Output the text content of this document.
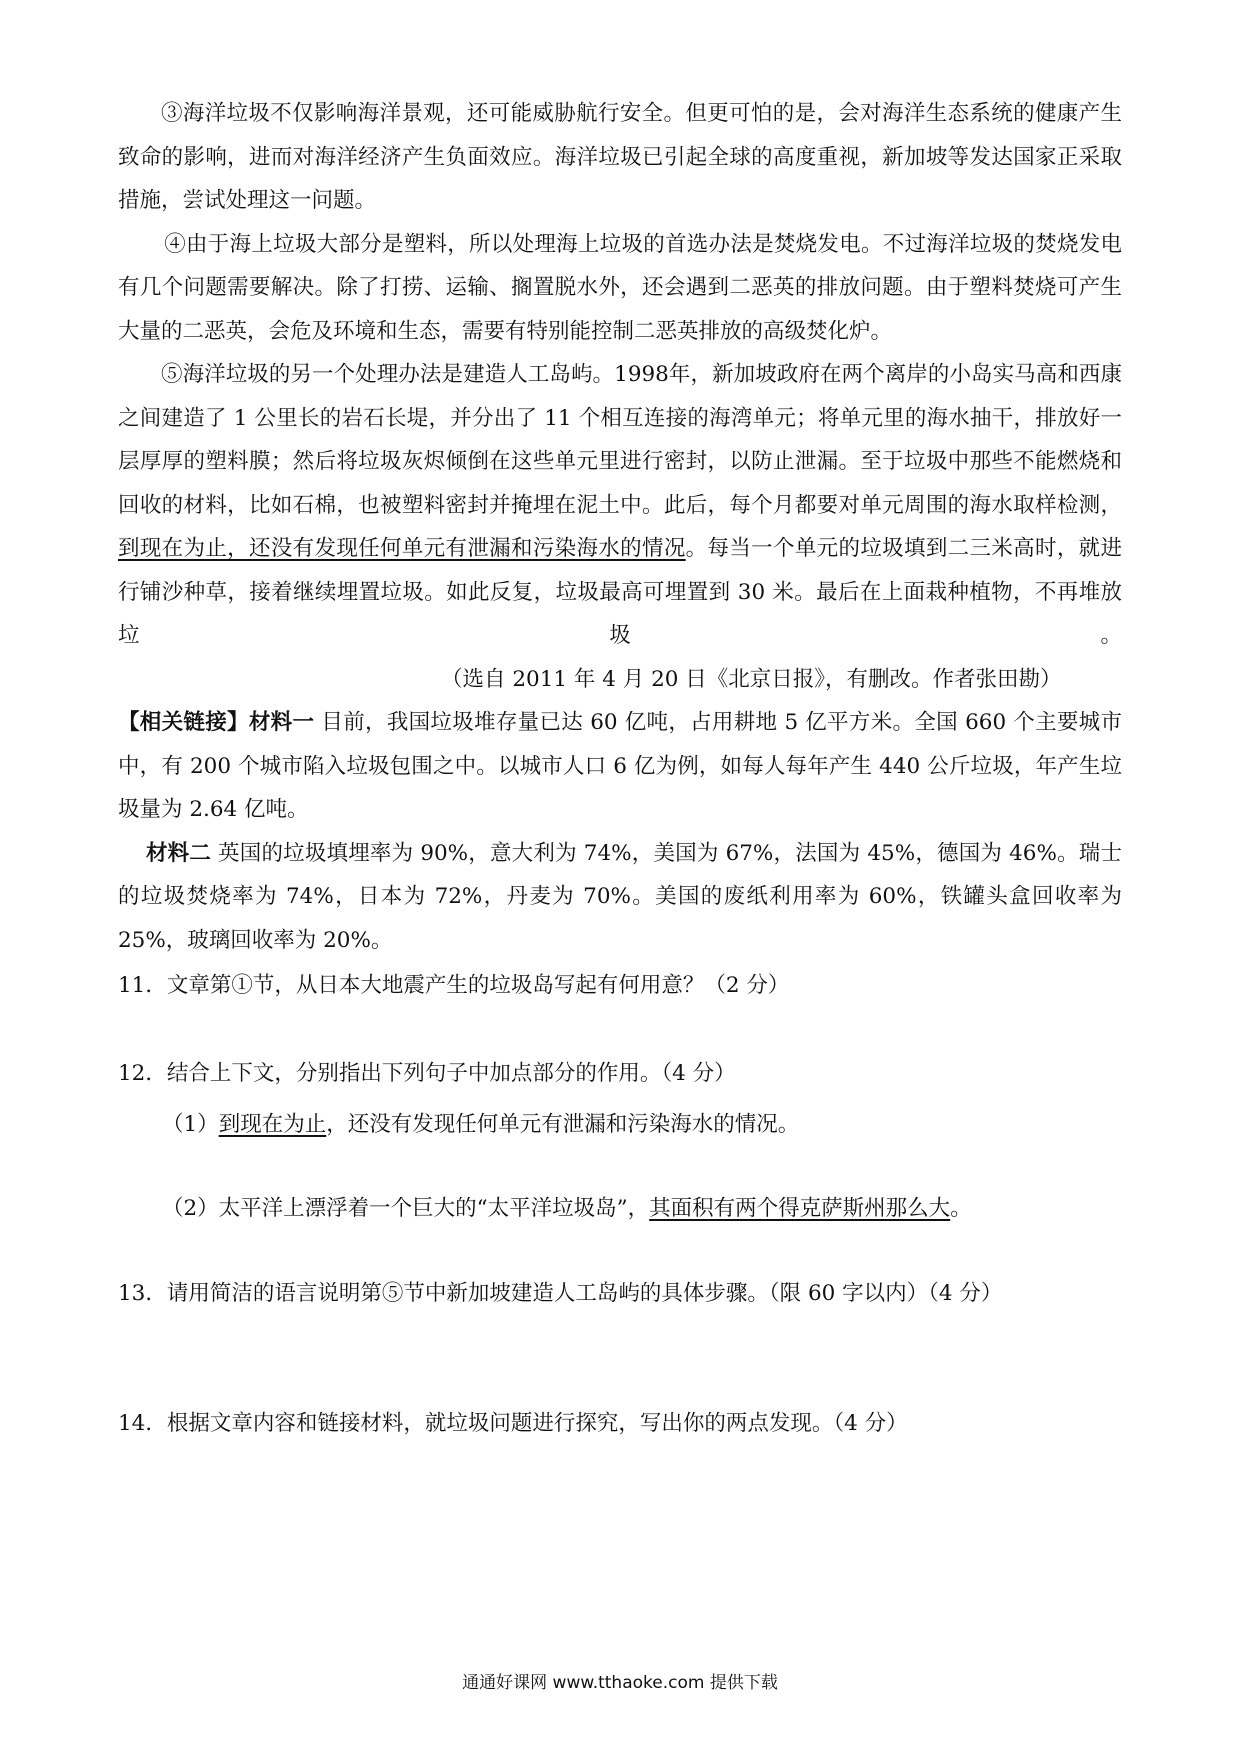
③海洋垃圾不仅影响海洋景观，还可能威胁航行安全。但更可怕的是，会对海洋生态系统的健康产生致命的影响，进而对海洋经济产生负面效应。海洋垃圾已引起全球的高度重视，新加坡等发达国家正采取措施，尝试处理这一问题。

④由于海上垃圾大部分是塑料，所以处理海上垃圾的首选办法是焚烧发电。不过海洋垃圾的焚烧发电有几个问题需要解决。除了打捞、运输、搁置脱水外，还会遇到二恶英的排放问题。由于塑料焚烧可产生大量的二恶英，会危及环境和生态，需要有特别能控制二恶英排放的高级焚化炉。

⑤海洋垃圾的另一个处理办法是建造人工岛屿。1998年，新加坡政府在两个离岸的小岛实马高和西康之间建造了 1 公里长的岩石长堤，并分出了 11 个相互连接的海湾单元；将单元里的海水抽干，排放好一层厚厚的塑料膜；然后将垃圾灰烬倾倒在这些单元里进行密封，以防止泄漏。至于垃圾中那些不能燃烧和回收的材料，比如石棉，也被塑料密封并掩埋在泥土中。此后，每个月都要对单元周围的海水取样检测，到现在为止，还没有发现任何单元有泄漏和污染海水的情况。每当一个单元的垃圾填到二三米高时，就进行铺沙种草，接着继续埋置垃圾。如此反复，垃圾最高可埋置到 30 米。最后在上面栽种植物，不再堆放垃圾。（选自 2011 年 4 月 20 日《北京日报》，有删改。作者张田勘）

【相关链接】材料一 目前，我国垃圾堆存量已达 60 亿吨，占用耕地 5 亿平方米。全国 660 个主要城市中，有 200 个城市陷入垃圾包围之中。以城市人口 6 亿为例，如每人每年产生 440 公斤垃圾，年产生垃圾量为 2.64 亿吨。

材料二 英国的垃圾填埋率为 90%，意大利为 74%，美国为 67%，法国为 45%，德国为 46%。瑞士的垃圾焚烧率为 74%，日本为 72%，丹麦为 70%。美国的废纸利用率为 60%，铁罐头盒回收率为 25%，玻璃回收率为 20%。

11．文章第①节，从日本大地震产生的垃圾岛写起有何用意？（2 分）

12．结合上下文，分别指出下列句子中加点部分的作用。（4 分）

（1）到现在为止，还没有发现任何单元有泄漏和污染海水的情况。

（2）太平洋上漂浮着一个巨大的“太平洋垃圾岛”，其面积有两个得克萨斯州那么大。

13．请用简洁的语言说明第⑤节中新加坡建造人工岛屿的具体步骤。（限 60 字以内）（4 分）

14．根据文章内容和链接材料，就垃圾问题进行探究，写出你的两点发现。（4 分）

通通好课网 www.tthaoke.com 提供下载
